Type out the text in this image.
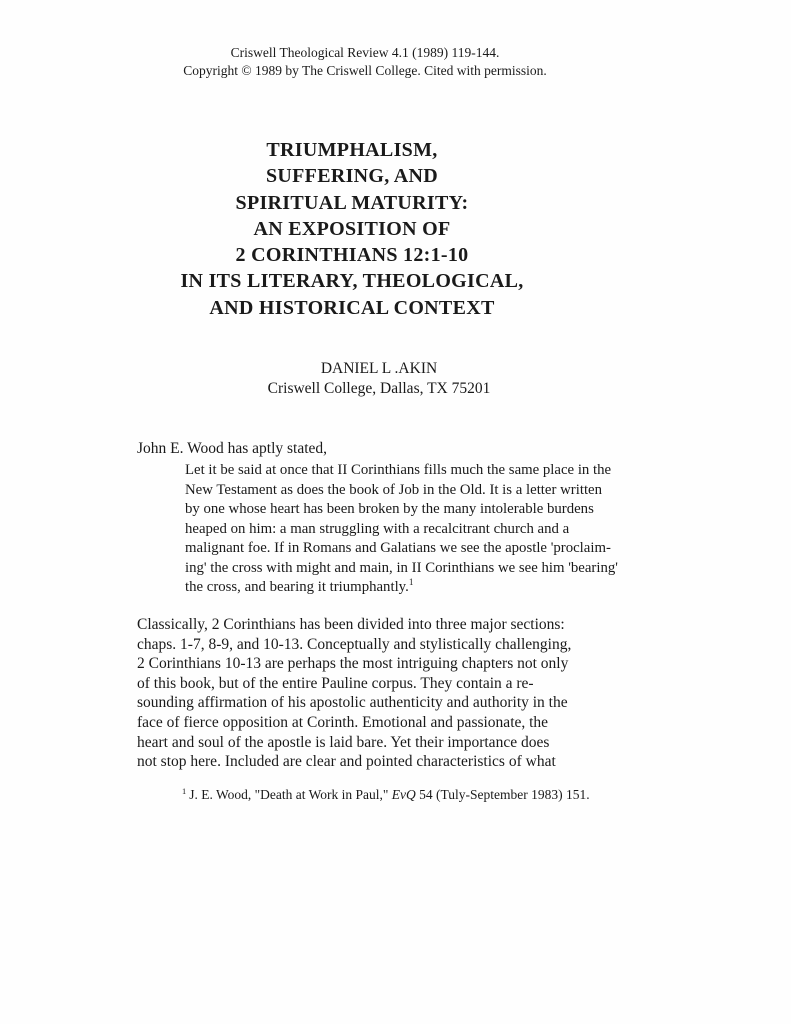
Criswell Theological Review 4.1 (1989) 119-144.
Copyright © 1989 by The Criswell College. Cited with permission.
TRIUMPHALISM,
SUFFERING, AND
SPIRITUAL MATURITY:
AN EXPOSITION OF
2 CORINTHIANS 12:1-10
IN ITS LITERARY, THEOLOGICAL,
AND HISTORICAL CONTEXT
DANIEL L .AKIN
Criswell College, Dallas, TX 75201
John E. Wood has aptly stated,
Let it be said at once that II Corinthians fills much the same place in the
New Testament as does the book of Job in the Old. It is a letter written
by one whose heart has been broken by the many intolerable burdens
heaped on him: a man struggling with a recalcitrant church and a
malignant foe. If in Romans and Galatians we see the apostle 'proclaim-
ing' the cross with might and main, in II Corinthians we see him 'bearing'
the cross, and bearing it triumphantly.$^1$
Classically, 2 Corinthians has been divided into three major sections:
chaps. 1-7, 8-9, and 10-13. Conceptually and stylistically challenging,
2 Corinthians 10-13 are perhaps the most intriguing chapters not only
of this book, but of the entire Pauline corpus. They contain a re-
sounding affirmation of his apostolic authenticity and authority in the
face of fierce opposition at Corinth. Emotional and passionate, the
heart and soul of the apostle is laid bare. Yet their importance does
not stop here. Included are clear and pointed characteristics of what
$^1$ J. E. Wood, "Death at Work in Paul," EvQ 54 (Tuly-September 1983) 151.
